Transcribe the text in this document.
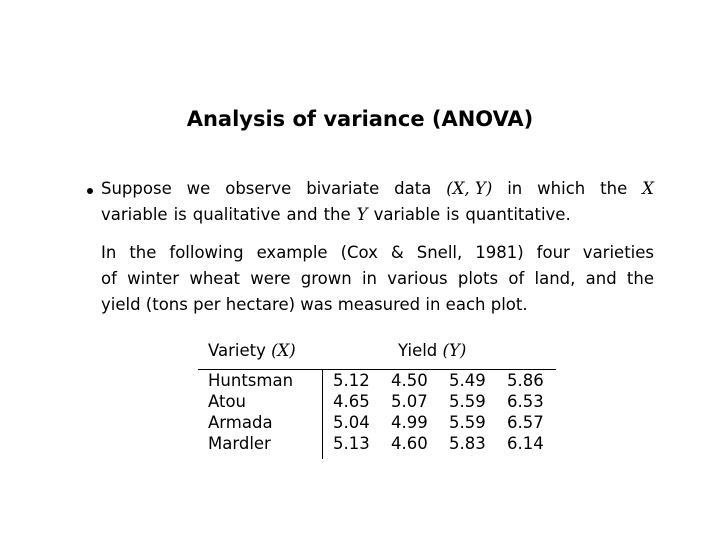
Analysis of variance (ANOVA)
Suppose we observe bivariate data (X, Y) in which the X
variable is qualitative and the Y variable is quantitative.
In the following example (Cox & Snell, 1981) four varieties
of winter wheat were grown in various plots of land, and the
yield (tons per hectare) was measured in each plot.
Variety (X)	Yield (Y)
Huntsman 5.12 4.50 5.49 5.86
Atou	4.65 5.07 5.59 6.53
Armada	5.04 4.99 5.59 6.57
Mardler	5.13 4.60 5.83 6.14
